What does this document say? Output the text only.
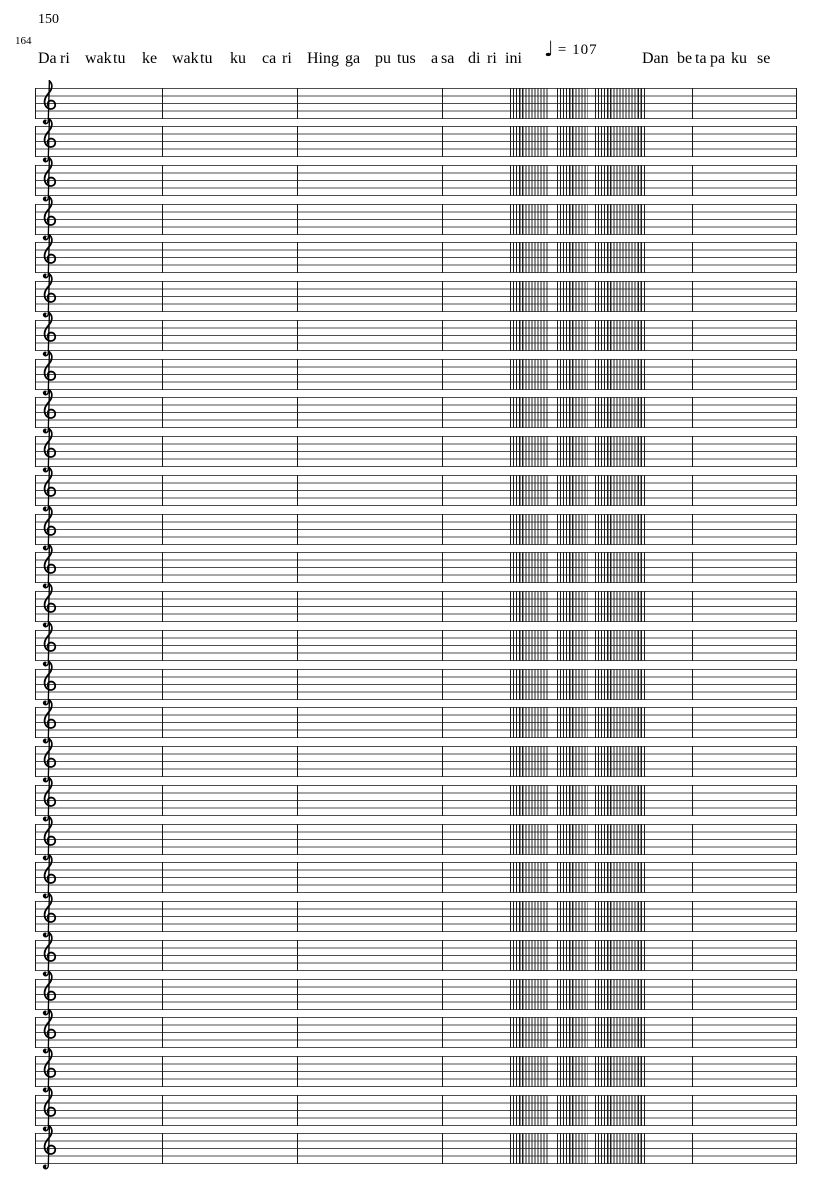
150
164
Da ri wak tu ke wak tu ku ca ri Hing ga pu tus a sa di ri ini	Dan be ta pa ku se
♩ = 107
